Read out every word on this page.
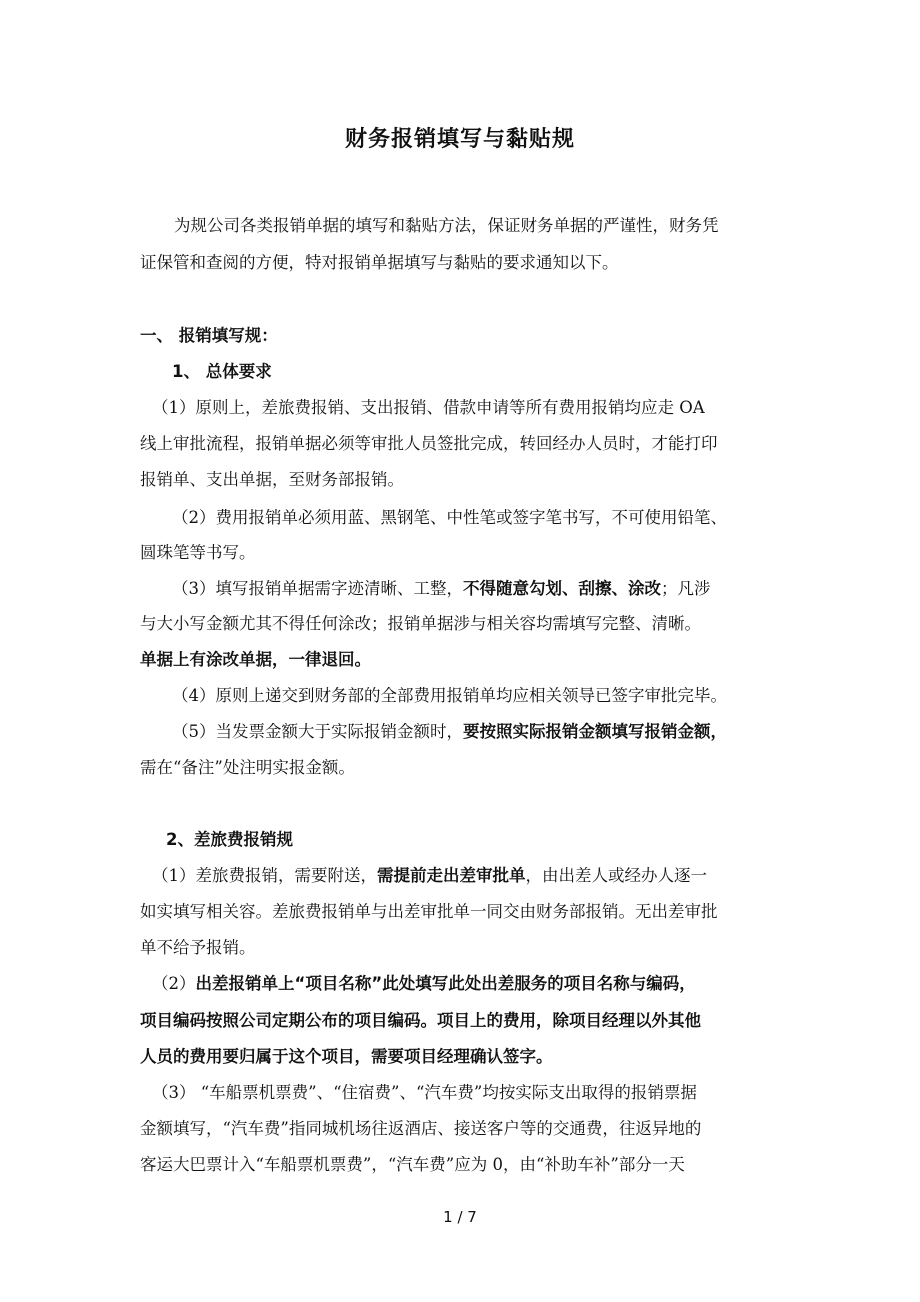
财务报销填写与黏贴规
为规公司各类报销单据的填写和黏贴方法，保证财务单据的严谨性，财务凭
证保管和查阅的方便，特对报销单据填写与黏贴的要求通知以下。
一、 报销填写规：
1、 总体要求
（1）原则上，差旅费报销、支出报销、借款申请等所有费用报销均应走 OA
线上审批流程，报销单据必须等审批人员签批完成，转回经办人员时，才能打印
报销单、支出单据，至财务部报销。
（2）费用报销单必须用蓝、黑钢笔、中性笔或签字笔书写，不可使用铅笔、
圆珠笔等书写。
（3）填写报销单据需字迹清晰、工整，不得随意勾划、刮擦、涂改；凡涉
与大小写金额尤其不得任何涂改；报销单据涉与相关容均需填写完整、清晰。
单据上有涂改单据，一律退回。
（4）原则上递交到财务部的全部费用报销单均应相关领导已签字审批完毕。
（5）当发票金额大于实际报销金额时，要按照实际报销金额填写报销金额，
需在“备注”处注明实报金额。
2、差旅费报销规
（1）差旅费报销，需要附送，需提前走出差审批单，由出差人或经办人逐一
如实填写相关容。差旅费报销单与出差审批单一同交由财务部报销。无出差审批
单不给予报销。
（2）出差报销单上“项目名称”此处填写此处出差服务的项目名称与编码，
项目编码按照公司定期公布的项目编码。项目上的费用，除项目经理以外其他
人员的费用要归属于这个项目，需要项目经理确认签字。
（3） “车船票机票费”、“住宿费”、“汽车费”均按实际支出取得的报销票据
金额填写，“汽车费”指同城机场往返酒店、接送客户等的交通费，往返异地的
客运大巴票计入“车船票机票费”，“汽车费”应为 0，由“补助车补”部分一天
1 / 7
